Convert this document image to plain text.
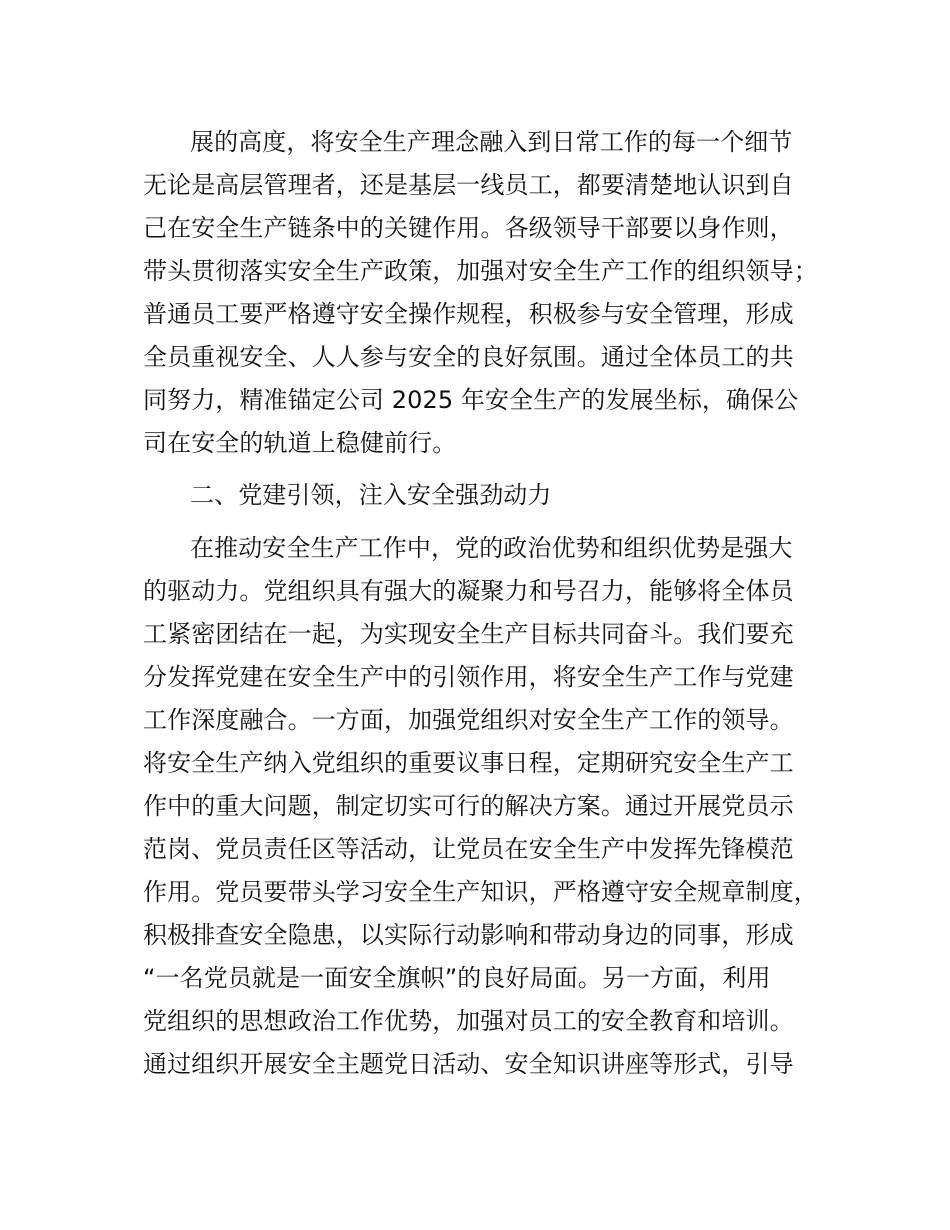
展的高度，将安全生产理念融入到日常工作的每一个细节
无论是高层管理者，还是基层一线员工，都要清楚地认识到自
己在安全生产链条中的关键作用。各级领导干部要以身作则，
带头贯彻落实安全生产政策，加强对安全生产工作的组织领导；
普通员工要严格遵守安全操作规程，积极参与安全管理，形成
全员重视安全、人人参与安全的良好氛围。通过全体员工的共
同努力，精准锚定公司 2025 年安全生产的发展坐标，确保公
司在安全的轨道上稳健前行。
二、党建引领，注入安全强劲动力
在推动安全生产工作中，党的政治优势和组织优势是强大
的驱动力。党组织具有强大的凝聚力和号召力，能够将全体员
工紧密团结在一起，为实现安全生产目标共同奋斗。我们要充
分发挥党建在安全生产中的引领作用，将安全生产工作与党建
工作深度融合。一方面，加强党组织对安全生产工作的领导。
将安全生产纳入党组织的重要议事日程，定期研究安全生产工
作中的重大问题，制定切实可行的解决方案。通过开展党员示
范岗、党员责任区等活动，让党员在安全生产中发挥先锋模范
作用。党员要带头学习安全生产知识，严格遵守安全规章制度，
积极排查安全隐患，以实际行动影响和带动身边的同事，形成
“一名党员就是一面安全旗帜”的良好局面。另一方面，利用
党组织的思想政治工作优势，加强对员工的安全教育和培训。
通过组织开展安全主题党日活动、安全知识讲座等形式，引导
